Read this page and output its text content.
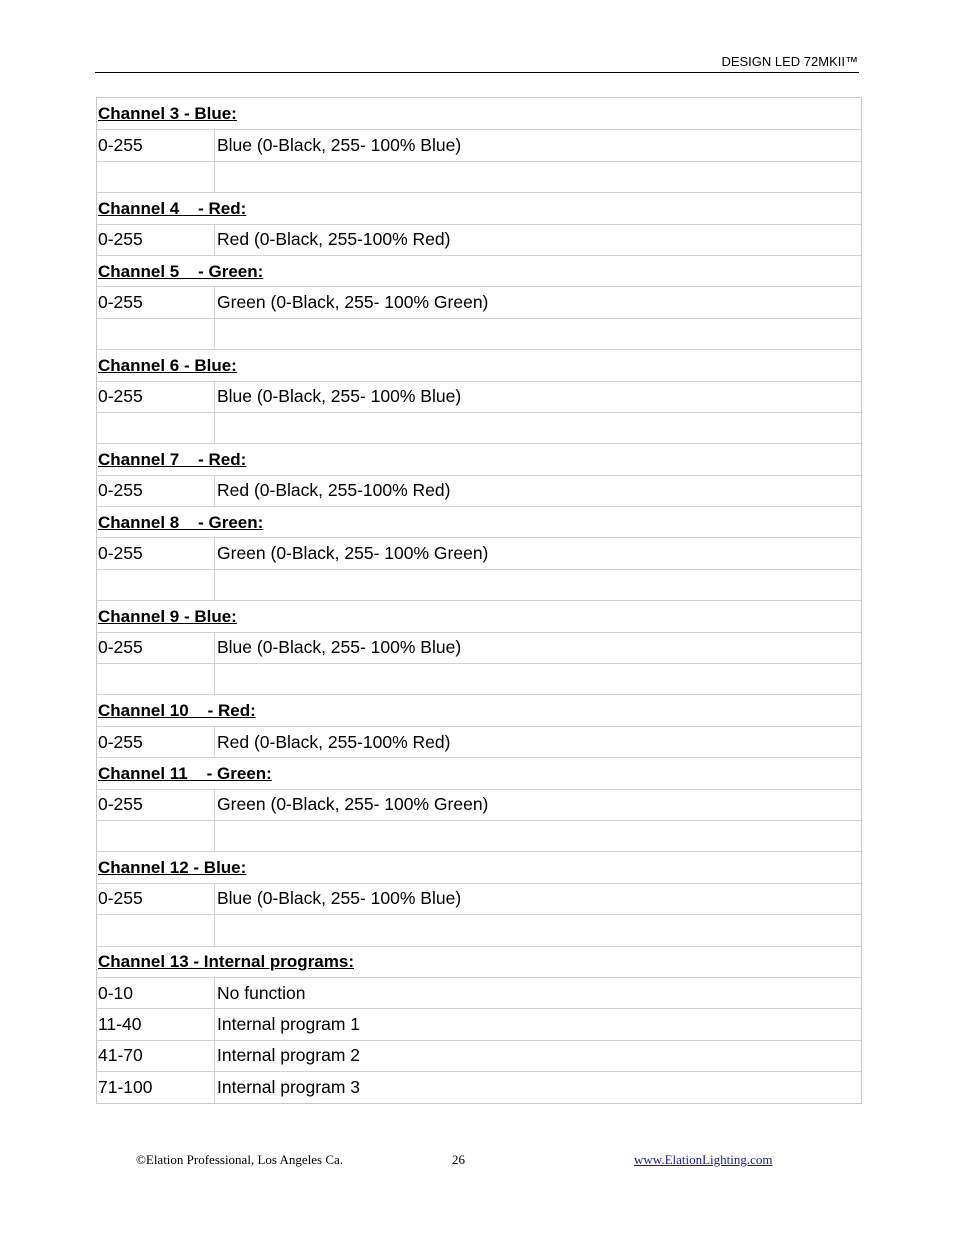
DESIGN LED 72MKII™
Channel 3 - Blue:
0-255	Blue (0-Black, 255- 100% Blue)
Channel 4    - Red:
0-255	Red (0-Black, 255-100% Red)
Channel 5    - Green:
0-255	Green (0-Black, 255- 100% Green)
Channel 6 - Blue:
0-255	Blue (0-Black, 255- 100% Blue)
Channel 7    - Red:
0-255	Red (0-Black, 255-100% Red)
Channel 8    - Green:
0-255	Green (0-Black, 255- 100% Green)
Channel 9 - Blue:
0-255	Blue (0-Black, 255- 100% Blue)
Channel 10    - Red:
0-255	Red (0-Black, 255-100% Red)
Channel 11    - Green:
0-255	Green (0-Black, 255- 100% Green)
Channel 12 - Blue:
0-255	Blue (0-Black, 255- 100% Blue)
Channel 13 - Internal programs:
0-10	No function
11-40	Internal program 1
41-70	Internal program 2
71-100	Internal program 3
©Elation Professional, Los Angeles Ca.	26	www.ElationLighting.com
